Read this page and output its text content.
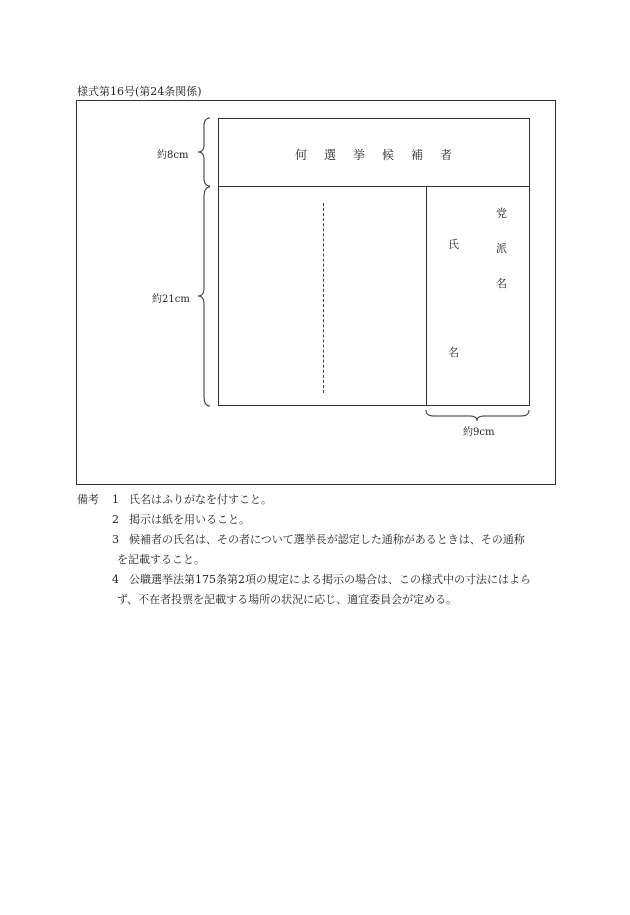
様式第16号(第24条関係)
約8cm
約21cm
約9cm
何 選 挙 候 補 者
氏
名
党
派
名
備考 1 氏名はふりがなを付すこと。
2 掲示は紙を用いること。
3 候補者の氏名は、その者について選挙長が認定した通称があるときは、その通称
を記載すること。
4 公職選挙法第175条第2項の規定による掲示の場合は、この様式中の寸法にはよら
ず、不在者投票を記載する場所の状況に応じ、適宜委員会が定める。
